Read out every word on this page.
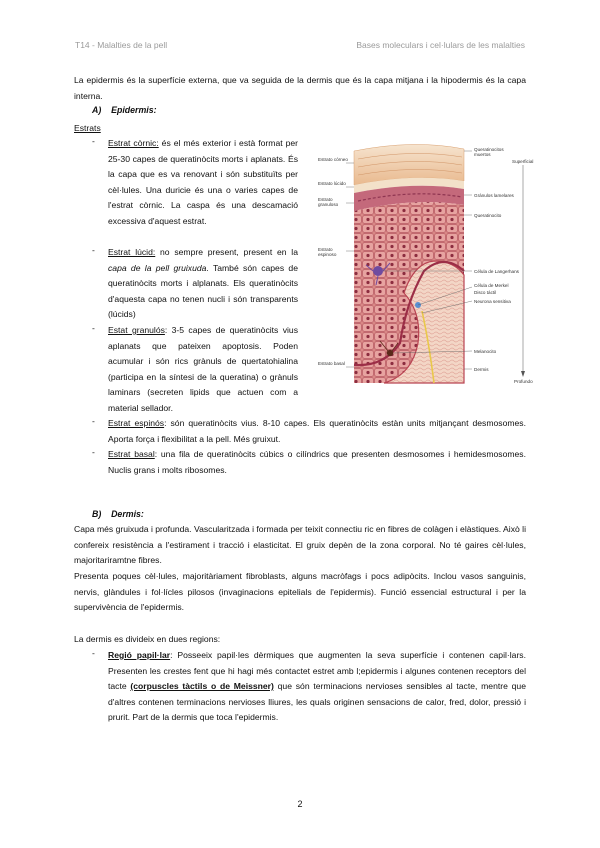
T14 - Malalties de la pell	Bases moleculars i cel·lulars de les malalties

La epidermis és la superfície externa, que va seguida de la dermis que és la capa mitjana i la hipodermis és la capa interna.

A) Epidermis:
Estrats
- Estrat còrnic: és el més exterior i està format per 25-30 capes de queratinòcits morts i aplanats. És la capa que es va renovant i són substituïts per cèl·lules. Una duricie és una o varies capes de l'estrat còrnic. La caspa és una descamació excessiva d'aquest estrat.

- Estrat lúcid: no sempre present, present en la capa de la pell gruixuda. També són capes de queratinòcits morts i alplanats. Els queratinòcits d'aquesta capa no tenen nucli i són transparents (lúcids)

- Estat granulós: 3-5 capes de queratinòcits vius aplanats que pateixen apoptosis. Poden acumular i són rics grànuls de quertatohialina (participa en la síntesi de la queratina) o grànuls laminars (secreten lipids que actuen com a material sellador.

- Estrat espinós: són queratinòcits vius. 8-10 capes. Els queratinòcits estàn units mitjançant desmosomes. Aporta força i flexibilitat a la pell. Més gruixut.

- Estrat basal: una fila de queratinòcits cúbics o cilíndrics que presenten desmosomes i hemidesmosomes. Nuclis grans i molts ribosomes.

Estrato córneo
Estrato lúcido
Estrato granuloso
Estrato espinoso
Estrato basal
Queratinocitos muertos
Superficial
Gránulos lamelares
Queratinocito
Célula de Langerhans
Célula de Merkel
Disco táctil
Neurona sensitiva
Melanocito
Dermis
Profundo
B) Dermis:

Capa més gruixuda i profunda. Vascularitzada i formada per teixit connectiu ric en fibres de colàgen i elàstiques. Això li confereix resistència a l'estirament i tracció i elasticitat. El gruix depèn de la zona corporal. No té gaires cèl·lules, majoritariramtne fibres.

Presenta poques cèl·lules, majoritàriament fibroblasts, alguns macròfags i pocs adipòcits. Inclou vasos sanguinis, nervis, glàndules i fol·lícles pilosos (invaginacions epitelials de l'epidermis). Funció essencial estructural i per la supervivència de l'epidermis.

La dermis es divideix en dues regions:

- Regió papil·lar: Posseeix papil·les dèrmiques que augmenten la seva superfície i contenen capil·lars. Presenten les crestes fent que hi hagi més contactet estret amb l;epidermis i algunes contenen receptors del tacte (corpuscles tàctils o de Meissner) que són terminacions nervioses sensibles al tacte, mentre que d'altres contenen terminacions nervioses lliures, les quals originen sensacions de calor, fred, dolor, pressió i prurit. Part de la dermis que toca l'epidermis.

2
